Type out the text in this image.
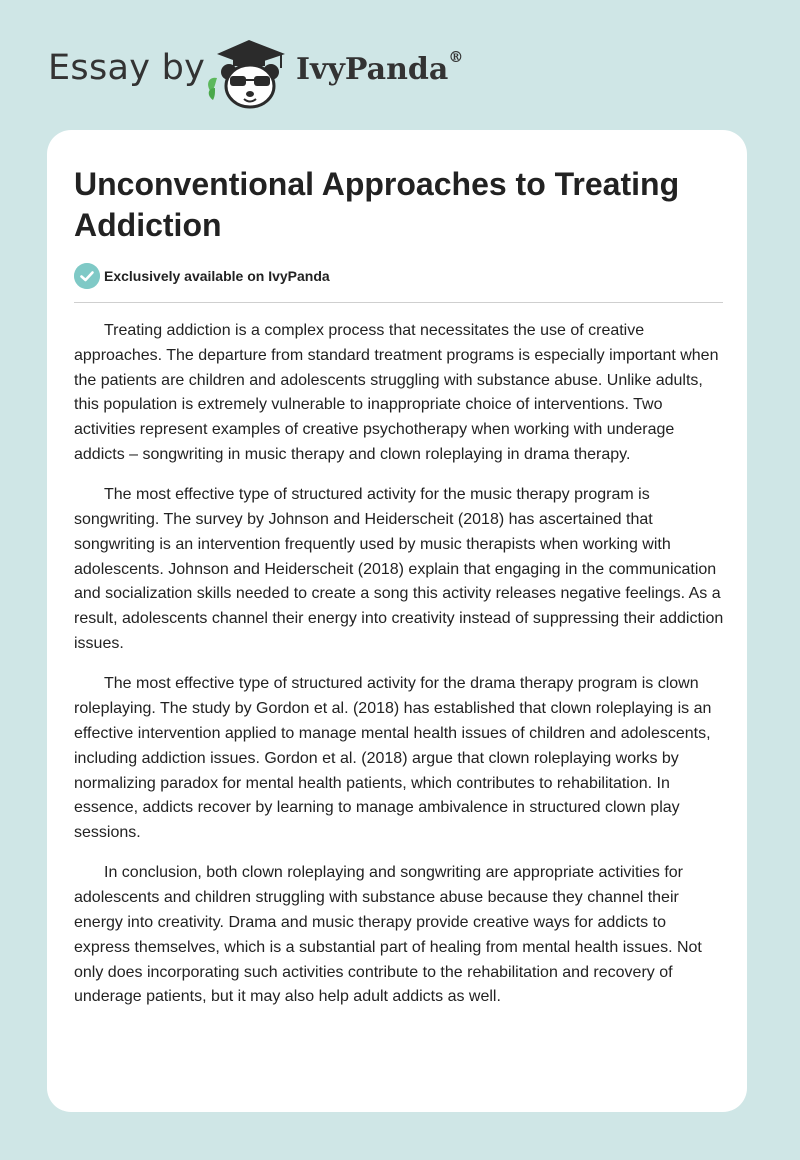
Essay by	IvyPanda®
Unconventional Approaches to Treating Addiction
Exclusively available on IvyPanda

Treating addiction is a complex process that necessitates the use of creative approaches. The departure from standard treatment programs is especially important when the patients are children and adolescents struggling with substance abuse. Unlike adults, this population is extremely vulnerable to inappropriate choice of interventions. Two activities represent examples of creative psychotherapy when working with underage addicts – songwriting in music therapy and clown roleplaying in drama therapy.

The most effective type of structured activity for the music therapy program is songwriting. The survey by Johnson and Heiderscheit (2018) has ascertained that songwriting is an intervention frequently used by music therapists when working with adolescents. Johnson and Heiderscheit (2018) explain that engaging in the communication and socialization skills needed to create a song this activity releases negative feelings. As a result, adolescents channel their energy into creativity instead of suppressing their addiction issues.

The most effective type of structured activity for the drama therapy program is clown roleplaying. The study by Gordon et al. (2018) has established that clown roleplaying is an effective intervention applied to manage mental health issues of children and adolescents, including addiction issues. Gordon et al. (2018) argue that clown roleplaying works by normalizing paradox for mental health patients, which contributes to rehabilitation. In essence, addicts recover by learning to manage ambivalence in structured clown play sessions.

In conclusion, both clown roleplaying and songwriting are appropriate activities for adolescents and children struggling with substance abuse because they channel their energy into creativity. Drama and music therapy provide creative ways for addicts to express themselves, which is a substantial part of healing from mental health issues. Not only does incorporating such activities contribute to the rehabilitation and recovery of underage patients, but it may also help adult addicts as well.
